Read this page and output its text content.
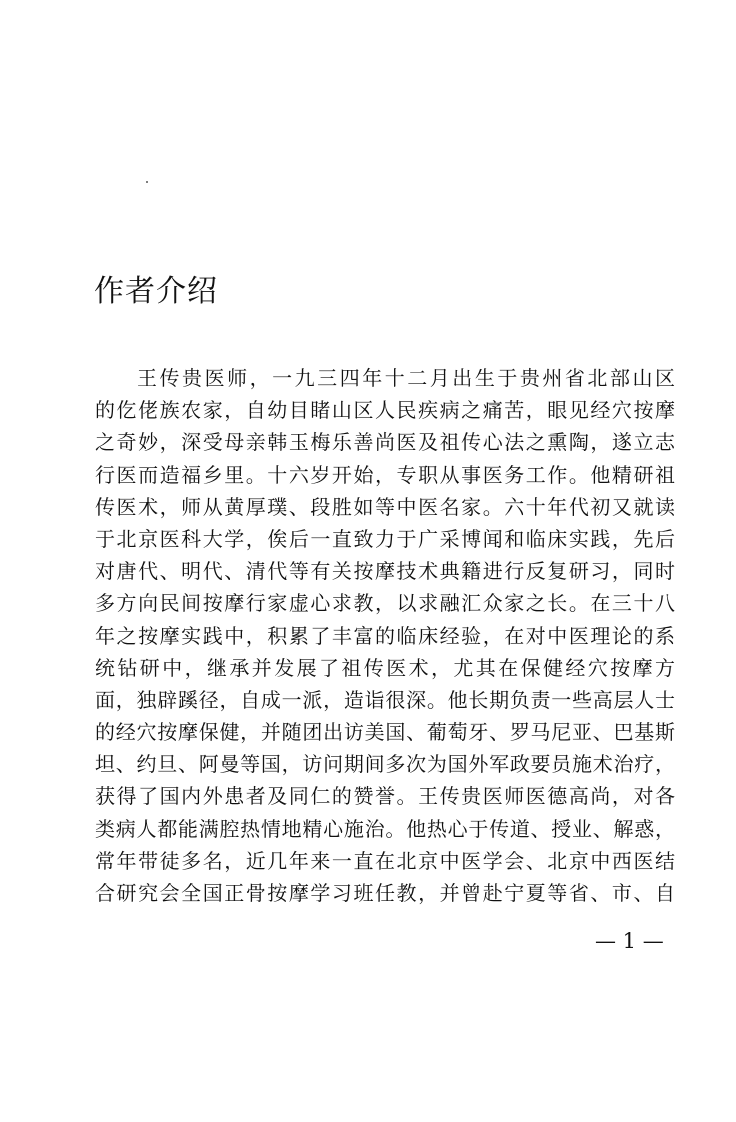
作者介绍
王传贵医师，一九三四年十二月出生于贵州省北部山区
的仡佬族农家，自幼目睹山区人民疾病之痛苦，眼见经穴按摩
之奇妙，深受母亲韩玉梅乐善尚医及祖传心法之熏陶，遂立志
行医而造福乡里。十六岁开始，专职从事医务工作。他精研祖
传医术，师从黄厚璞、段胜如等中医名家。六十年代初又就读
于北京医科大学，俟后一直致力于广采博闻和临床实践，先后
对唐代、明代、清代等有关按摩技术典籍进行反复研习，同时
多方向民间按摩行家虚心求教，以求融汇众家之长。在三十八
年之按摩实践中，积累了丰富的临床经验，在对中医理论的系
统钻研中，继承并发展了祖传医术，尤其在保健经穴按摩方
面，独辟蹊径，自成一派，造诣很深。他长期负责一些高层人士
的经穴按摩保健，并随团出访美国、葡萄牙、罗马尼亚、巴基斯
坦、约旦、阿曼等国，访问期间多次为国外军政要员施术治疗，
获得了国内外患者及同仁的赞誉。王传贵医师医德高尚，对各
类病人都能满腔热情地精心施治。他热心于传道、授业、解惑，
常年带徒多名，近几年来一直在北京中医学会、北京中西医结
合研究会全国正骨按摩学习班任教，并曾赴宁夏等省、市、自
— 1 —
